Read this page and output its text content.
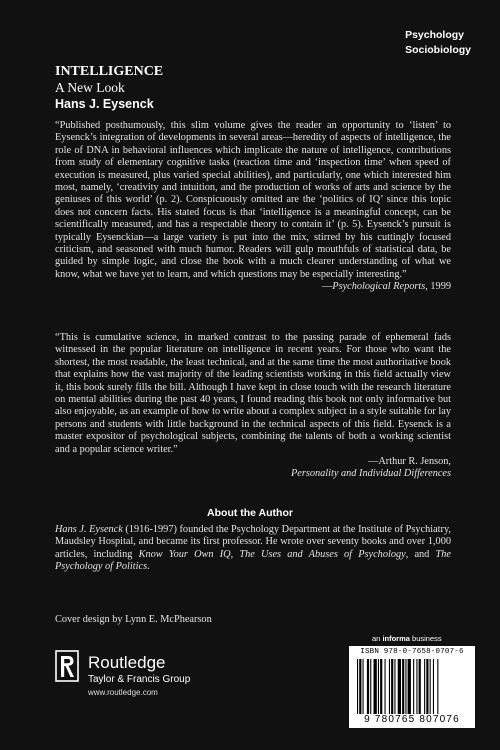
Psychology
Sociobiology
INTELLIGENCE
A New Look
Hans J. Eysenck
“Published posthumously, this slim volume gives the reader an opportunity to ‘listen’ to Eysenck’s integration of developments in several areas—heredity of aspects of intelligence, the role of DNA in behavioral influences which implicate the nature of intelligence, contributions from study of elementary cognitive tasks (reaction time and ‘inspection time’ when speed of execution is measured, plus varied special abilities), and particularly, one which interested him most, namely, ‘creativity and intuition, and the production of works of arts and science by the geniuses of this world’ (p. 2). Conspicuously omitted are the ‘politics of IQ’ since this topic does not concern facts. His stated focus is that ‘intelligence is a meaningful concept, can be scientifically measured, and has a respectable theory to contain it’ (p. 5). Eysenck’s pursuit is typically Eysenckian—a large variety is put into the mix, stirred by his cuttingly focused criticism, and seasoned with much humor. Readers will gulp mouthfuls of statistical data, be guided by simple logic, and close the book with a much clearer understanding of what we know, what we have yet to learn, and which questions may be especially interesting.”
—Psychological Reports, 1999
“This is cumulative science, in marked contrast to the passing parade of ephemeral fads witnessed in the popular literature on intelligence in recent years. For those who want the shortest, the most readable, the least technical, and at the same time the most authoritative book that explains how the vast majority of the leading scientists working in this field actually view it, this book surely fills the bill. Although I have kept in close touch with the research literature on mental abilities during the past 40 years, I found reading this book not only informative but also enjoyable, as an example of how to write about a complex subject in a style suitable for lay persons and students with little background in the technical aspects of this field. Eysenck is a master expositor of psychological subjects, combining the talents of both a working scientist and a popular science writer.”
—Arthur R. Jenson,
Personality and Individual Differences
About the Author
Hans J. Eysenck (1916-1997) founded the Psychology Department at the Institute of Psychiatry, Maudsley Hospital, and became its first professor. He wrote over seventy books and over 1,000 articles, including Know Your Own IQ, The Uses and Abuses of Psychology, and The Psychology of Politics.
Cover design by Lynn E. McPhearson
an informa business
Routledge
Taylor & Francis Group
www.routledge.com
ISBN 978-0-7658-0707-6
9 780765 807076
